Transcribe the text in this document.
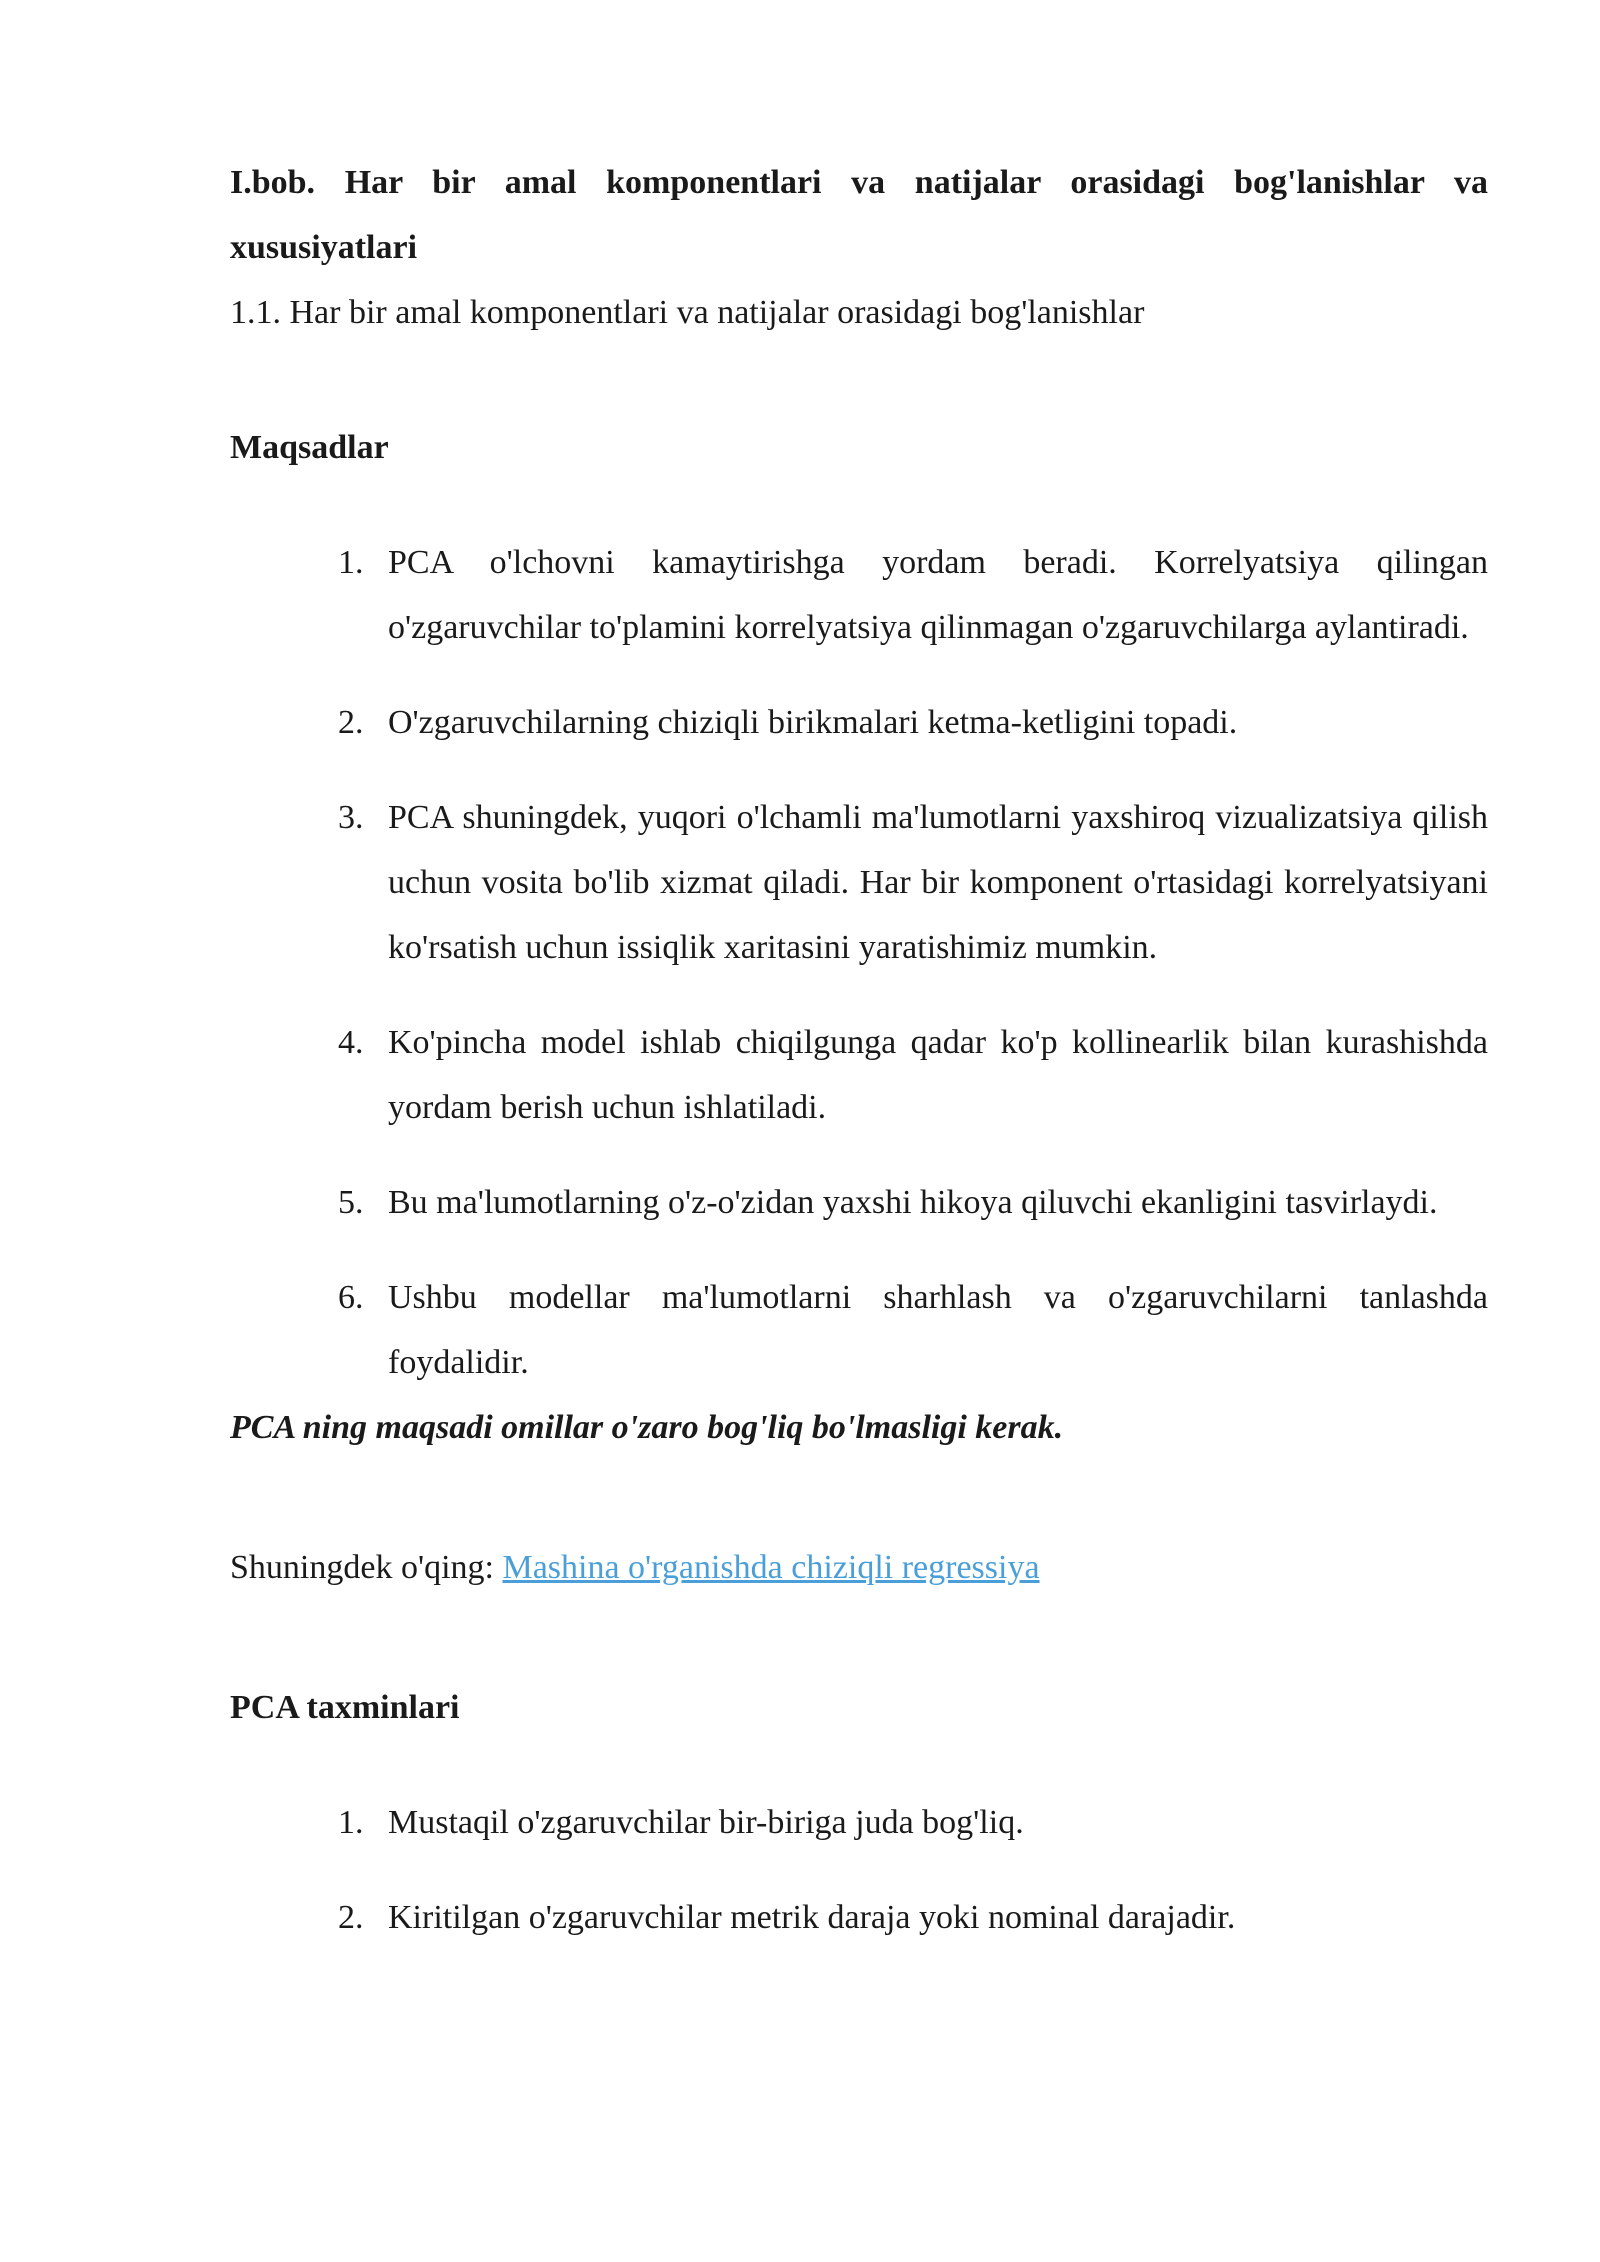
I.bob. Har bir amal komponentlari va natijalar orasidagi bog'lanishlar va xususiyatlari

1.1. Har bir amal komponentlari va natijalar orasidagi bog'lanishlar

Maqsadlar

1. PCA o'lchovni kamaytirishga yordam beradi. Korrelyatsiya qilingan o'zgaruvchilar to'plamini korrelyatsiya qilinmagan o'zgaruvchilarga aylantiradi.
2. O'zgaruvchilarning chiziqli birikmalari ketma-ketligini topadi.
3. PCA shuningdek, yuqori o'lchamli ma'lumotlarni yaxshiroq vizualizatsiya qilish uchun vosita bo'lib xizmat qiladi. Har bir komponent o'rtasidagi korrelyatsiyani ko'rsatish uchun issiqlik xaritasini yaratishimiz mumkin.
4. Ko'pincha model ishlab chiqilgunga qadar ko'p kollinearlik bilan kurashishda yordam berish uchun ishlatiladi.
5. Bu ma'lumotlarning o'z-o'zidan yaxshi hikoya qiluvchi ekanligini tasvirlaydi.
6. Ushbu modellar ma'lumotlarni sharhlash va o'zgaruvchilarni tanlashda foydalidir.

PCA ning maqsadi omillar o'zaro bog'liq bo'lmasligi kerak.

Shuningdek o'qing: Mashina o'rganishda chiziqli regressiya

PCA taxminlari

1. Mustaqil o'zgaruvchilar bir-biriga juda bog'liq.
2. Kiritilgan o'zgaruvchilar metrik daraja yoki nominal darajadir.
